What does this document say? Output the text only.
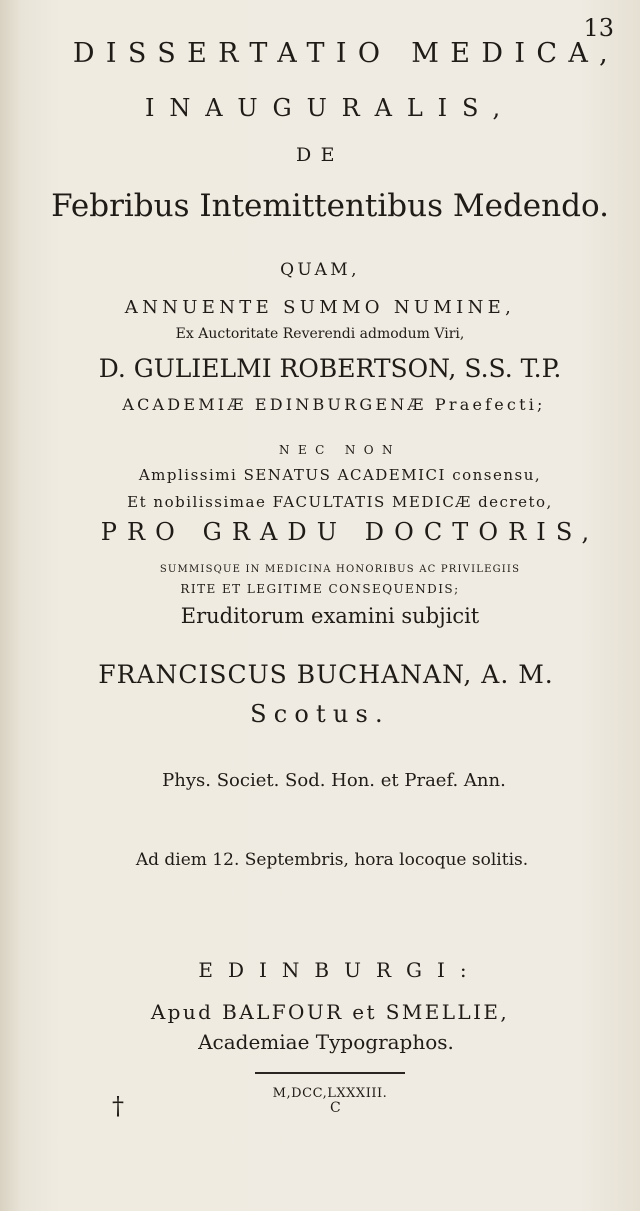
13
DISSERTATIO MEDICA,
INAUGURALIS,
DE
Febribus Intemittentibus Medendo.
QUAM,
ANNUENTE SUMMO NUMINE,
Ex Auctoritate Reverendi admodum Viri,
D. GULIELMI ROBERTSON, S.S. T.P.
ACADEMIÆ EDINBURGENÆ Praefecti;
NEC NON
Amplissimi SENATUS ACADEMICI consensu,
Et nobilissimae FACULTATIS MEDICÆ decreto,
PRO GRADU DOCTORIS,
SUMMISQUE IN MEDICINA HONORIBUS AC PRIVILEGIIS
RITE ET LEGITIME CONSEQUENDIS;
Eruditorum examini subjicit
FRANCISCUS BUCHANAN, A. M.
Scotus.
Phys. Societ. Sod. Hon. et Praef. Ann.
Ad diem 12. Septembris, hora locoque solitis.
EDINBURGI:
Apud BALFOUR et SMELLIE,
Academiae Typographos.
M,DCC,LXXXIII.
†	C
